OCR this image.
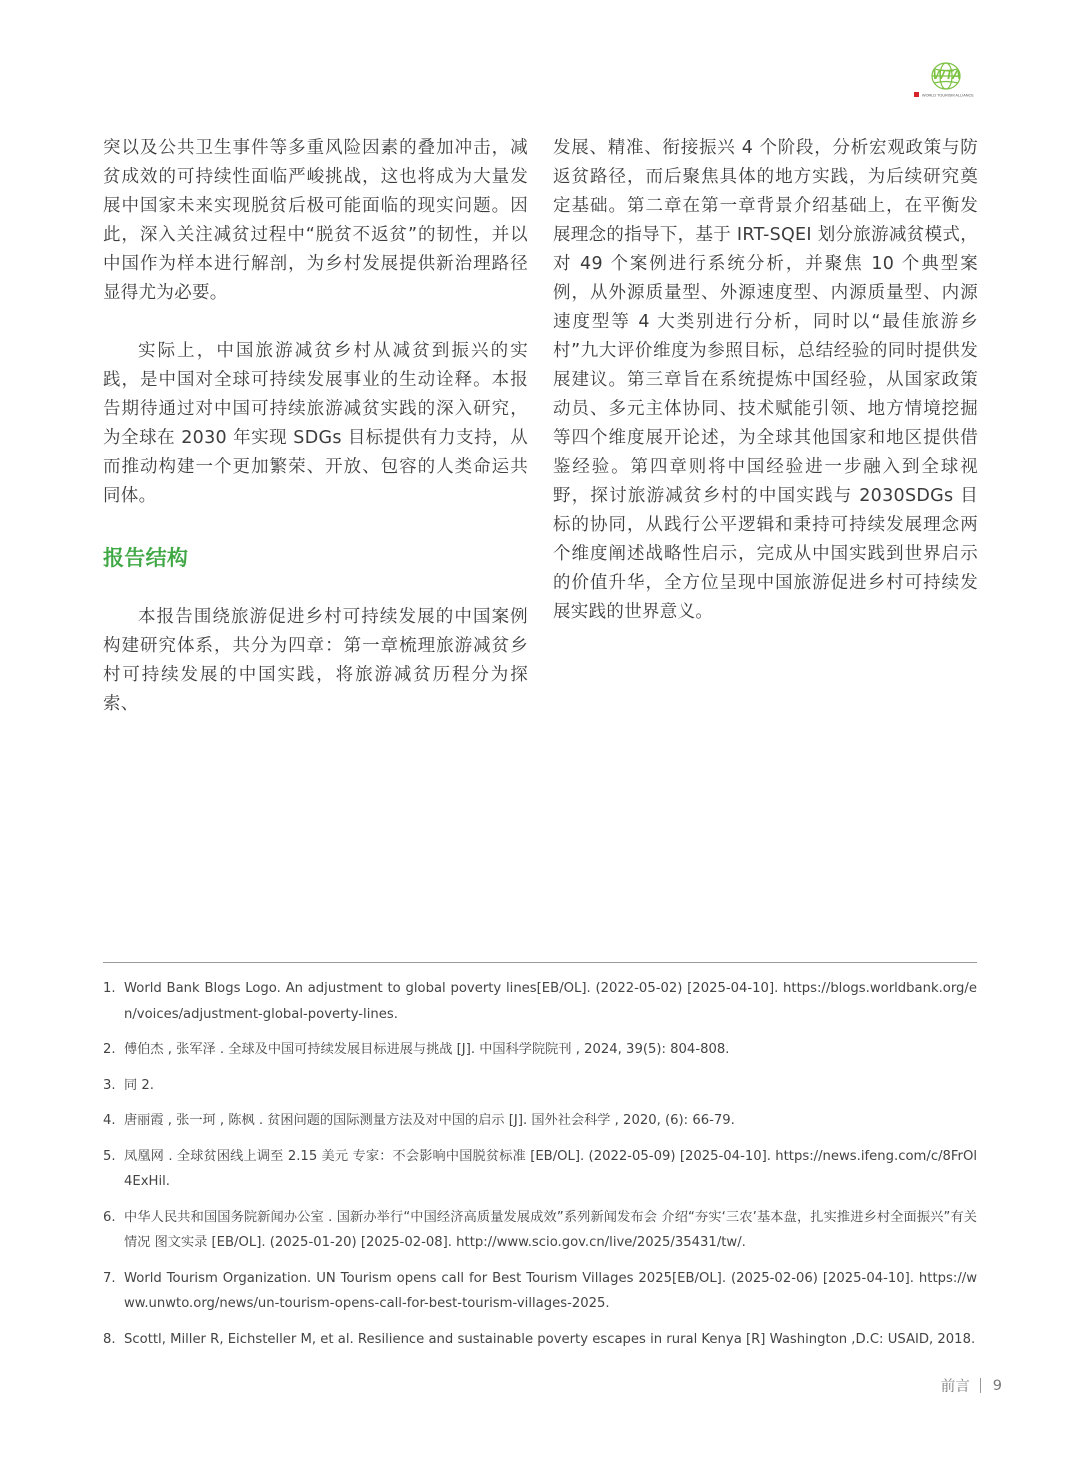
WTA
WORLD TOURISM ALLIANCE

突以及公共卫生事件等多重风险因素的叠加冲击，减贫成效的可持续性面临严峻挑战，这也将成为大量发展中国家未来实现脱贫后极可能面临的现实问题。因此，深入关注减贫过程中“脱贫不返贫”的韧性，并以中国作为样本进行解剖，为乡村发展提供新治理路径显得尤为必要。

实际上，中国旅游减贫乡村从减贫到振兴的实践，是中国对全球可持续发展事业的生动诠释。本报告期待通过对中国可持续旅游减贫实践的深入研究，为全球在 2030 年实现 SDGs 目标提供有力支持，从而推动构建一个更加繁荣、开放、包容的人类命运共同体。

报告结构

本报告围绕旅游促进乡村可持续发展的中国案例构建研究体系，共分为四章：第一章梳理旅游减贫乡村可持续发展的中国实践，将旅游减贫历程分为探索、

发展、精准、衔接振兴 4 个阶段，分析宏观政策与防返贫路径，而后聚焦具体的地方实践，为后续研究奠定基础。第二章在第一章背景介绍基础上，在平衡发展理念的指导下，基于 IRT-SQEI 划分旅游减贫模式，对 49 个案例进行系统分析，并聚焦 10 个典型案例，从外源质量型、外源速度型、内源质量型、内源速度型等 4 大类别进行分析，同时以“最佳旅游乡村”九大评价维度为参照目标，总结经验的同时提供发展建议。第三章旨在系统提炼中国经验，从国家政策动员、多元主体协同、技术赋能引领、地方情境挖掘等四个维度展开论述，为全球其他国家和地区提供借鉴经验。第四章则将中国经验进一步融入到全球视野，探讨旅游减贫乡村的中国实践与 2030SDGs 目标的协同，从践行公平逻辑和秉持可持续发展理念两个维度阐述战略性启示，完成从中国实践到世界启示的价值升华，全方位呈现中国旅游促进乡村可持续发展实践的世界意义。

1. World Bank Blogs Logo. An adjustment to global poverty lines[EB/OL]. (2022-05-02) [2025-04-10]. https://blogs.worldbank.org/en/voices/adjustment-global-poverty-lines.
2. 傅伯杰 , 张军泽 . 全球及中国可持续发展目标进展与挑战 [J]. 中国科学院院刊 , 2024, 39(5): 804-808.
3. 同 2.
4. 唐丽霞 , 张一珂 , 陈枫 . 贫困问题的国际测量方法及对中国的启示 [J]. 国外社会科学 , 2020, (6): 66-79.
5. 凤凰网 . 全球贫困线上调至 2.15 美元 专家：不会影响中国脱贫标准 [EB/OL]. (2022-05-09) [2025-04-10]. https://news.ifeng.com/c/8FrOl4ExHil.
6. 中华人民共和国国务院新闻办公室 . 国新办举行“中国经济高质量发展成效”系列新闻发布会 介绍“夯实‘三农’基本盘，扎实推进乡村全面振兴”有关情况 图文实录 [EB/OL]. (2025-01-20) [2025-02-08]. http://www.scio.gov.cn/live/2025/35431/tw/.
7. World Tourism Organization. UN Tourism opens call for Best Tourism Villages 2025[EB/OL]. (2025-02-06) [2025-04-10]. https://www.unwto.org/news/un-tourism-opens-call-for-best-tourism-villages-2025.
8. Scottl, Miller R, Eichsteller M, et al. Resilience and sustainable poverty escapes in rural Kenya [R] Washington ,D.C: USAID, 2018.
前言 9
